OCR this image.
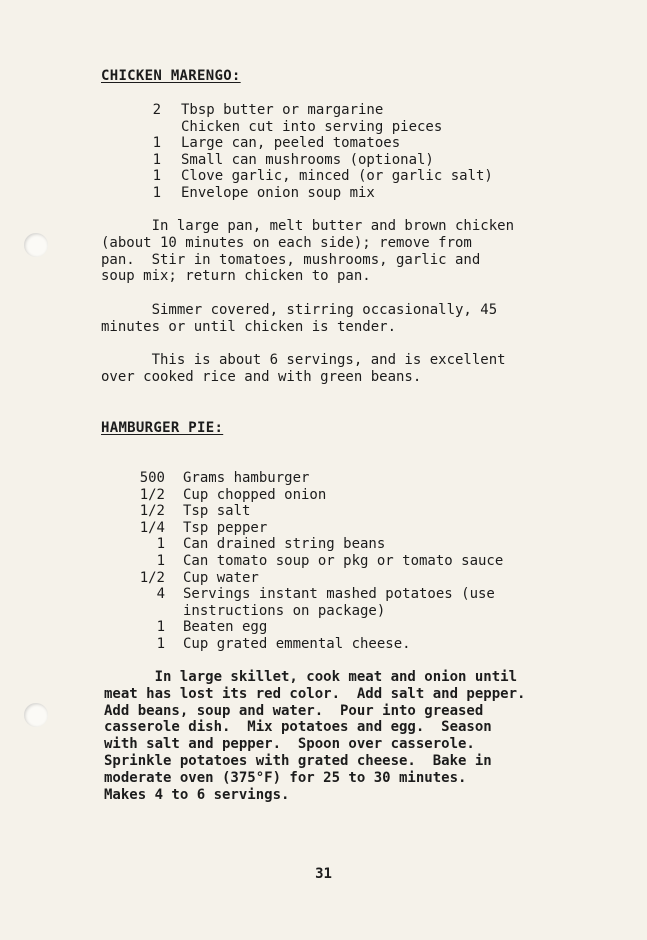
CHICKEN MARENGO:
2 Tbsp butter or margarine
Chicken cut into serving pieces
1 Large can, peeled tomatoes
1 Small can mushrooms (optional)
1 Clove garlic, minced (or garlic salt)
1 Envelope onion soup mix
In large pan, melt butter and brown chicken
(about 10 minutes on each side); remove from
pan.  Stir in tomatoes, mushrooms, garlic and
soup mix; return chicken to pan.
Simmer covered, stirring occasionally, 45
minutes or until chicken is tender.
This is about 6 servings, and is excellent
over cooked rice and with green beans.
HAMBURGER PIE:
500 Grams hamburger
1/2 Cup chopped onion
1/2 Tsp salt
1/4 Tsp pepper
1 Can drained string beans
1 Can tomato soup or pkg or tomato sauce
1/2 Cup water
4 Servings instant mashed potatoes (use
instructions on package)
1 Beaten egg
1 Cup grated emmental cheese.
In large skillet, cook meat and onion until
meat has lost its red color.  Add salt and pepper.
Add beans, soup and water.  Pour into greased
casserole dish.  Mix potatoes and egg.  Season
with salt and pepper.  Spoon over casserole.
Sprinkle potatoes with grated cheese.  Bake in
moderate oven (375°F) for 25 to 30 minutes.
Makes 4 to 6 servings.
31
